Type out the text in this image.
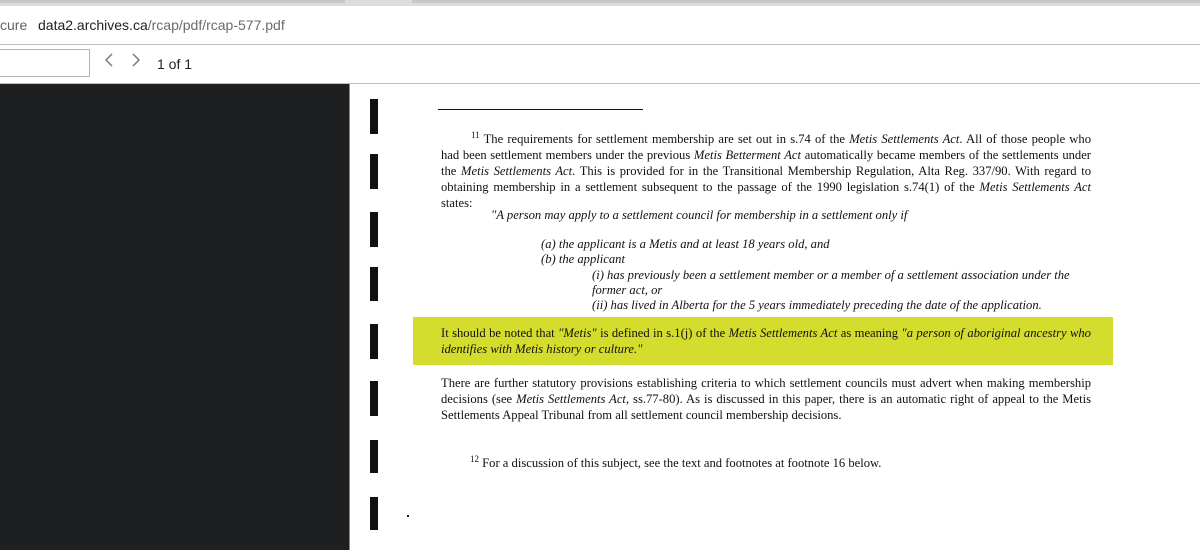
cure data2.archives.ca/rcap/pdf/rcap-577.pdf
1 of 1
$^{11}$ The requirements for settlement membership are set out in s.74 of the Metis Settlements Act. All of those people who had been settlement members under the previous Metis Betterment Act automatically became members of the settlements under the Metis Settlements Act. This is provided for in the Transitional Membership Regulation, Alta Reg. 337/90. With regard to obtaining membership in a settlement subsequent to the passage of the 1990 legislation s.74(1) of the Metis Settlements Act states:
"A person may apply to a settlement council for membership in a settlement only if
(a) the applicant is a Metis and at least 18 years old, and
(b) the applicant
(i) has previously been a settlement member or a member of a settlement association under the
former act, or
(ii) has lived in Alberta for the 5 years immediately preceding the date of the application.
It should be noted that "Metis" is defined in s.1(j) of the Metis Settlements Act as meaning "a person of aboriginal ancestry who identifies with Metis history or culture."
There are further statutory provisions establishing criteria to which settlement councils must advert when making membership decisions (see Metis Settlements Act, ss.77-80). As is discussed in this paper, there is an automatic right of appeal to the Metis Settlements Appeal Tribunal from all settlement council membership decisions.
$^{12}$ For a discussion of this subject, see the text and footnotes at footnote 16 below.
